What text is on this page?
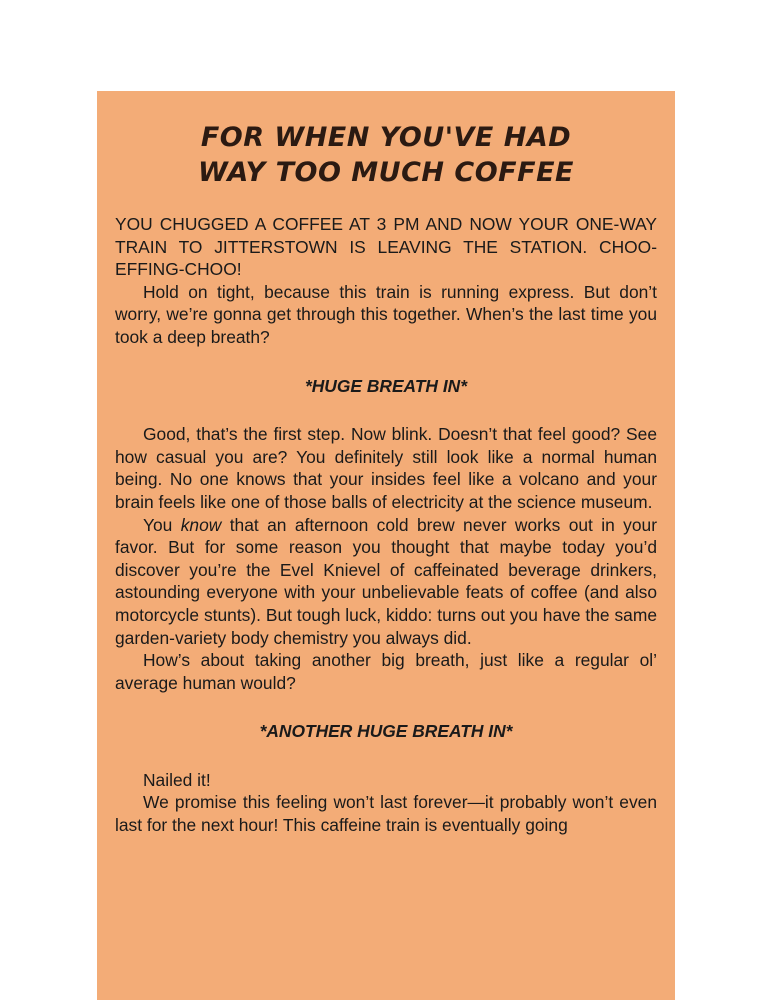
FOR WHEN YOU'VE HAD
WAY TOO MUCH COFFEE

YOU CHUGGED A COFFEE AT 3 PM AND NOW YOUR ONE-WAY TRAIN TO JITTERSTOWN IS LEAVING THE STATION. CHOO-EFFING-CHOO!

Hold on tight, because this train is running express. But don’t worry, we’re gonna get through this together. When’s the last time you took a deep breath?

*HUGE BREATH IN*

Good, that’s the first step. Now blink. Doesn’t that feel good? See how casual you are? You definitely still look like a normal human being. No one knows that your insides feel like a volcano and your brain feels like one of those balls of electricity at the science museum.

You know that an afternoon cold brew never works out in your favor. But for some reason you thought that maybe today you’d discover you’re the Evel Knievel of caffeinated beverage drinkers, astounding everyone with your unbelievable feats of coffee (and also motorcycle stunts). But tough luck, kiddo: turns out you have the same garden-variety body chemistry you always did.

How’s about taking another big breath, just like a regular ol’ average human would?

*ANOTHER HUGE BREATH IN*

Nailed it!

We promise this feeling won’t last forever—it probably won’t even last for the next hour! This caffeine train is eventually going
